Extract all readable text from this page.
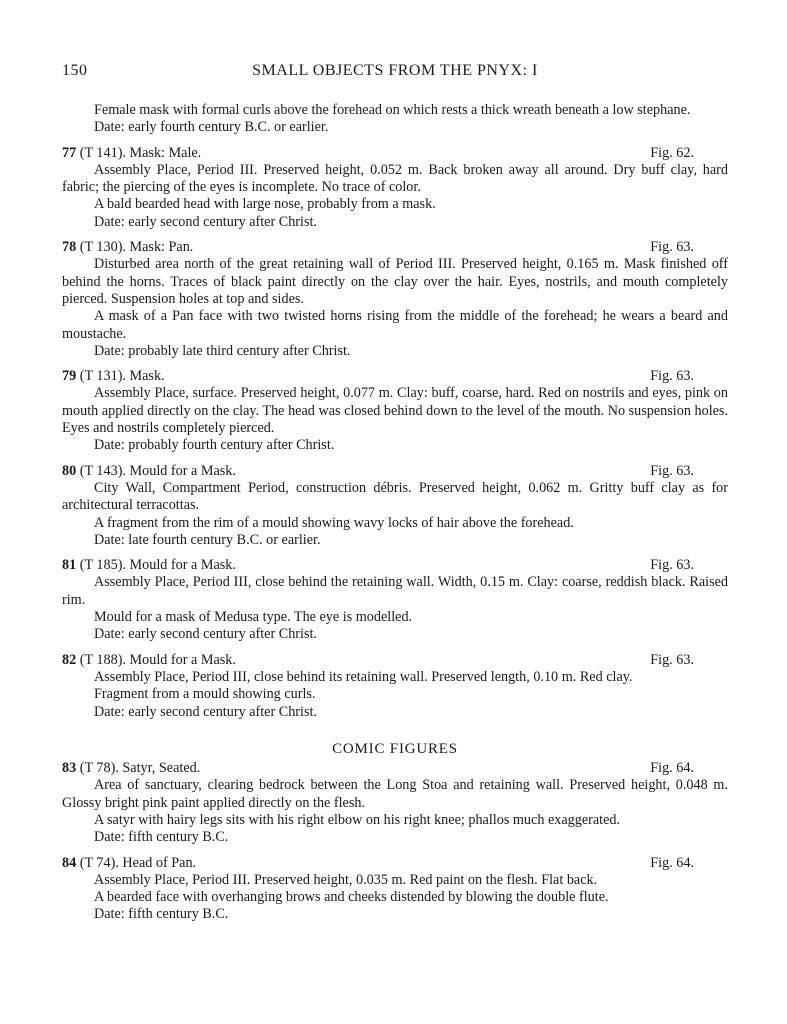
150	SMALL OBJECTS FROM THE PNYX: I

Female mask with formal curls above the forehead on which rests a thick wreath beneath a low stephane.

Date: early fourth century B.C. or earlier.

77 (T 141). Mask: Male.	Fig. 62.

Assembly Place, Period III. Preserved height, 0.052 m. Back broken away all around. Dry buff clay, hard fabric; the piercing of the eyes is incomplete. No trace of color.

A bald bearded head with large nose, probably from a mask.

Date: early second century after Christ.

78 (T 130). Mask: Pan.	Fig. 63.

Disturbed area north of the great retaining wall of Period III. Preserved height, 0.165 m. Mask finished off behind the horns. Traces of black paint directly on the clay over the hair. Eyes, nostrils, and mouth completely pierced. Suspension holes at top and sides.

A mask of a Pan face with two twisted horns rising from the middle of the forehead; he wears a beard and moustache.

Date: probably late third century after Christ.

79 (T 131). Mask.	Fig. 63.

Assembly Place, surface. Preserved height, 0.077 m. Clay: buff, coarse, hard. Red on nostrils and eyes, pink on mouth applied directly on the clay. The head was closed behind down to the level of the mouth. No suspension holes. Eyes and nostrils completely pierced.

Date: probably fourth century after Christ.

80 (T 143). Mould for a Mask.	Fig. 63.

City Wall, Compartment Period, construction débris. Preserved height, 0.062 m. Gritty buff clay as for architectural terracottas.

A fragment from the rim of a mould showing wavy locks of hair above the forehead.

Date: late fourth century B.C. or earlier.

81 (T 185). Mould for a Mask.	Fig. 63.

Assembly Place, Period III, close behind the retaining wall. Width, 0.15 m. Clay: coarse, reddish black. Raised rim.

Mould for a mask of Medusa type. The eye is modelled.

Date: early second century after Christ.

82 (T 188). Mould for a Mask.	Fig. 63.

Assembly Place, Period III, close behind its retaining wall. Preserved length, 0.10 m. Red clay.

Fragment from a mould showing curls.

Date: early second century after Christ.

COMIC FIGURES
83 (T 78). Satyr, Seated.	Fig. 64.

Area of sanctuary, clearing bedrock between the Long Stoa and retaining wall. Preserved height, 0.048 m. Glossy bright pink paint applied directly on the flesh.

A satyr with hairy legs sits with his right elbow on his right knee; phallos much exaggerated.

Date: fifth century B.C.

84 (T 74). Head of Pan.	Fig. 64.

Assembly Place, Period III. Preserved height, 0.035 m. Red paint on the flesh. Flat back.

A bearded face with overhanging brows and cheeks distended by blowing the double flute.

Date: fifth century B.C.
